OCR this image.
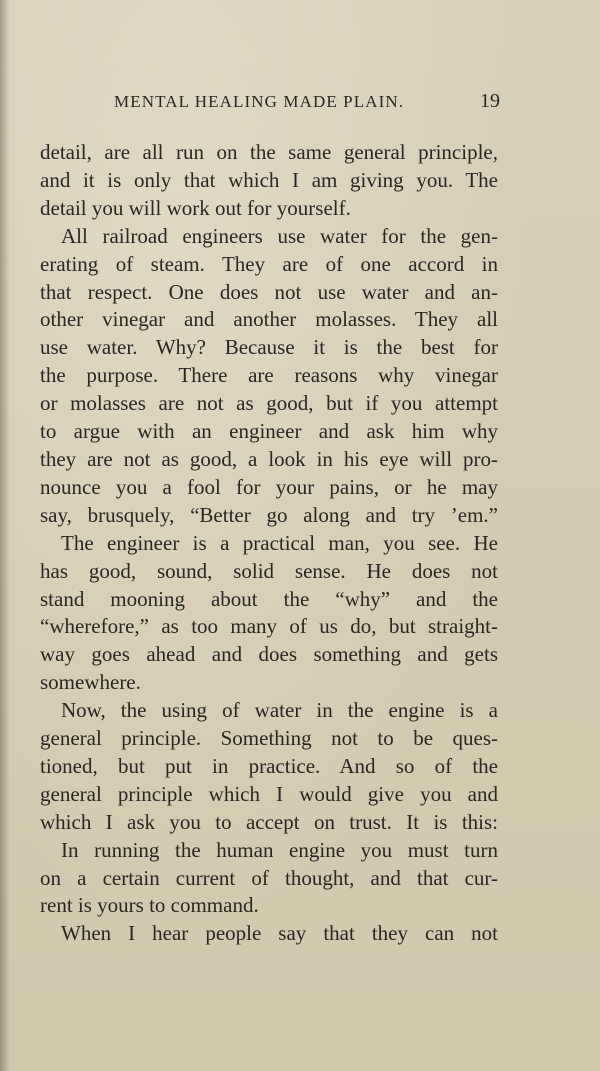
MENTAL HEALING MADE PLAIN.	19

detail, are all run on the same general principle,

and it is only that which I am giving you. The

detail you will work out for yourself.

All railroad engineers use water for the gen-

erating of steam. They are of one accord in

that respect. One does not use water and an-

other vinegar and another molasses. They all

use water. Why? Because it is the best for

the purpose. There are reasons why vinegar

or molasses are not as good, but if you attempt

to argue with an engineer and ask him why

they are not as good, a look in his eye will pro-

nounce you a fool for your pains, or he may

say, brusquely, “Better go along and try ’em.”

The engineer is a practical man, you see. He

has good, sound, solid sense. He does not

stand mooning about the “why” and the

“wherefore,” as too many of us do, but straight-

way goes ahead and does something and gets

somewhere.

Now, the using of water in the engine is a

general principle. Something not to be ques-

tioned, but put in practice. And so of the

general principle which I would give you and

which I ask you to accept on trust. It is this:

In running the human engine you must turn

on a certain current of thought, and that cur-

rent is yours to command.

When I hear people say that they can not
